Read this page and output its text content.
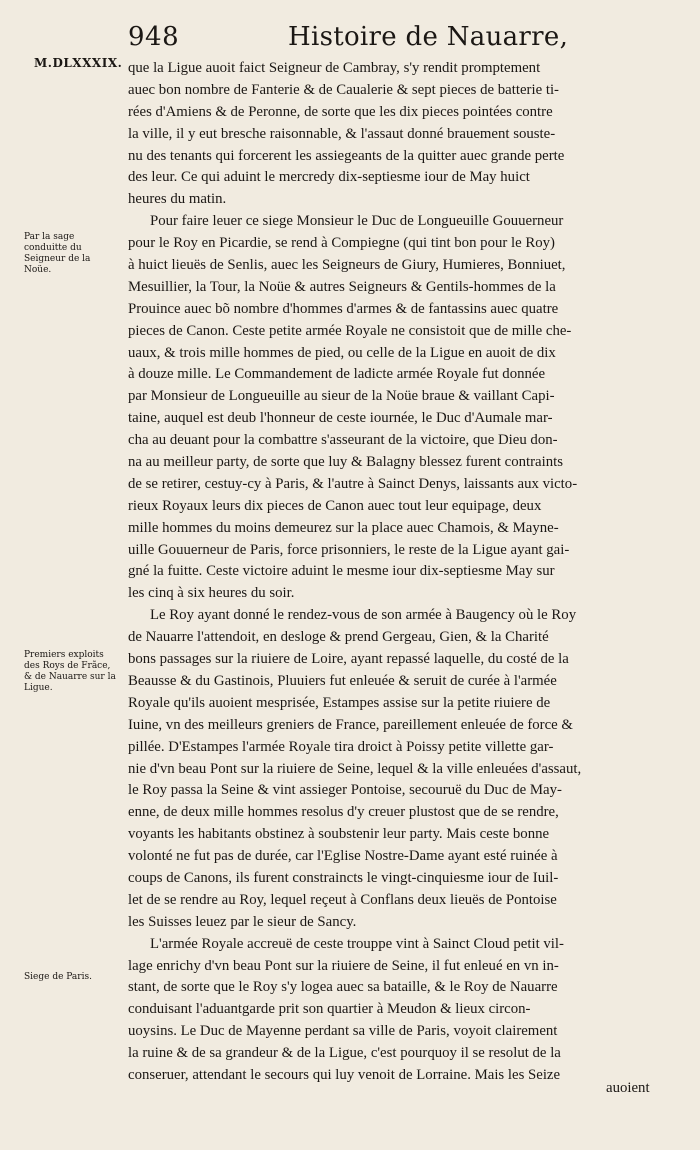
948	Histoire de Nauarre,
M.DLXXXIX.
Par la sage conduitte du Seigneur de la Noüe.
Premiers exploits des Roys de Frãce, & de Nauarre sur la Ligue.
Siege de Paris.
que la Ligue auoit faict Seigneur de Cambray, s'y rendit promptement
auec bon nombre de Fanterie & de Caualerie & sept pieces de batterie ti-
rées d'Amiens & de Peronne, de sorte que les dix pieces pointées contre
la ville, il y eut bresche raisonnable, & l'assaut donné brauement souste-
nu des tenants qui forcerent les assiegeants de la quitter auec grande perte
des leur. Ce qui aduint le mercredy dix-septiesme iour de May huict
heures du matin.
Pour faire leuer ce siege Monsieur le Duc de Longueuille Gouuerneur
pour le Roy en Picardie, se rend à Compiegne (qui tint bon pour le Roy)
à huict lieuës de Senlis, auec les Seigneurs de Giury, Humieres, Bonniuet,
Mesuillier, la Tour, la Noüe & autres Seigneurs & Gentils-hommes de la
Prouince auec bõ nombre d'hommes d'armes & de fantassins auec quatre
pieces de Canon. Ceste petite armée Royale ne consistoit que de mille che-
uaux, & trois mille hommes de pied, ou celle de la Ligue en auoit de dix
à douze mille. Le Commandement de ladicte armée Royale fut donnée
par Monsieur de Longueuille au sieur de la Noüe braue & vaillant Capi-
taine, auquel est deub l'honneur de ceste iournée, le Duc d'Aumale mar-
cha au deuant pour la combattre s'asseurant de la victoire, que Dieu don-
na au meilleur party, de sorte que luy & Balagny blessez furent contraints
de se retirer, cestuy-cy à Paris, & l'autre à Sainct Denys, laissants aux victo-
rieux Royaux leurs dix pieces de Canon auec tout leur equipage, deux
mille hommes du moins demeurez sur la place auec Chamois, & Mayne-
uille Gouuerneur de Paris, force prisonniers, le reste de la Ligue ayant gai-
gné la fuitte. Ceste victoire aduint le mesme iour dix-septiesme May sur
les cinq à six heures du soir.
Le Roy ayant donné le rendez-vous de son armée à Baugency où le Roy
de Nauarre l'attendoit, en desloge & prend Gergeau, Gien, & la Charité
bons passages sur la riuiere de Loire, ayant repassé laquelle, du costé de la
Beausse & du Gastinois, Pluuiers fut enleuée & seruit de curée à l'armée
Royale qu'ils auoient mesprisée, Estampes assise sur la petite riuiere de
Iuine, vn des meilleurs greniers de France, pareillement enleuée de force &
pillée. D'Estampes l'armée Royale tira droict à Poissy petite villette gar-
nie d'vn beau Pont sur la riuiere de Seine, lequel & la ville enleuées d'assaut,
le Roy passa la Seine & vint assieger Pontoise, secouruë du Duc de May-
enne, de deux mille hommes resolus d'y creuer plustost que de se rendre,
voyants les habitants obstinez à soubstenir leur party. Mais ceste bonne
volonté ne fut pas de durée, car l'Eglise Nostre-Dame ayant esté ruinée à
coups de Canons, ils furent constraincts le vingt-cinquiesme iour de Iuil-
let de se rendre au Roy, lequel reçeut à Conflans deux lieuës de Pontoise
les Suisses leuez par le sieur de Sancy.
L'armée Royale accreuë de ceste trouppe vint à Sainct Cloud petit vil-
lage enrichy d'vn beau Pont sur la riuiere de Seine, il fut enleué en vn in-
stant, de sorte que le Roy s'y logea auec sa bataille, & le Roy de Nauarre
conduisant l'aduantgarde prit son quartier à Meudon & lieux circon-
uoysins. Le Duc de Mayenne perdant sa ville de Paris, voyoit clairement
la ruine & de sa grandeur & de la Ligue, c'est pourquoy il se resolut de la
conseruer, attendant le secours qui luy venoit de Lorraine. Mais les Seize
auoient
